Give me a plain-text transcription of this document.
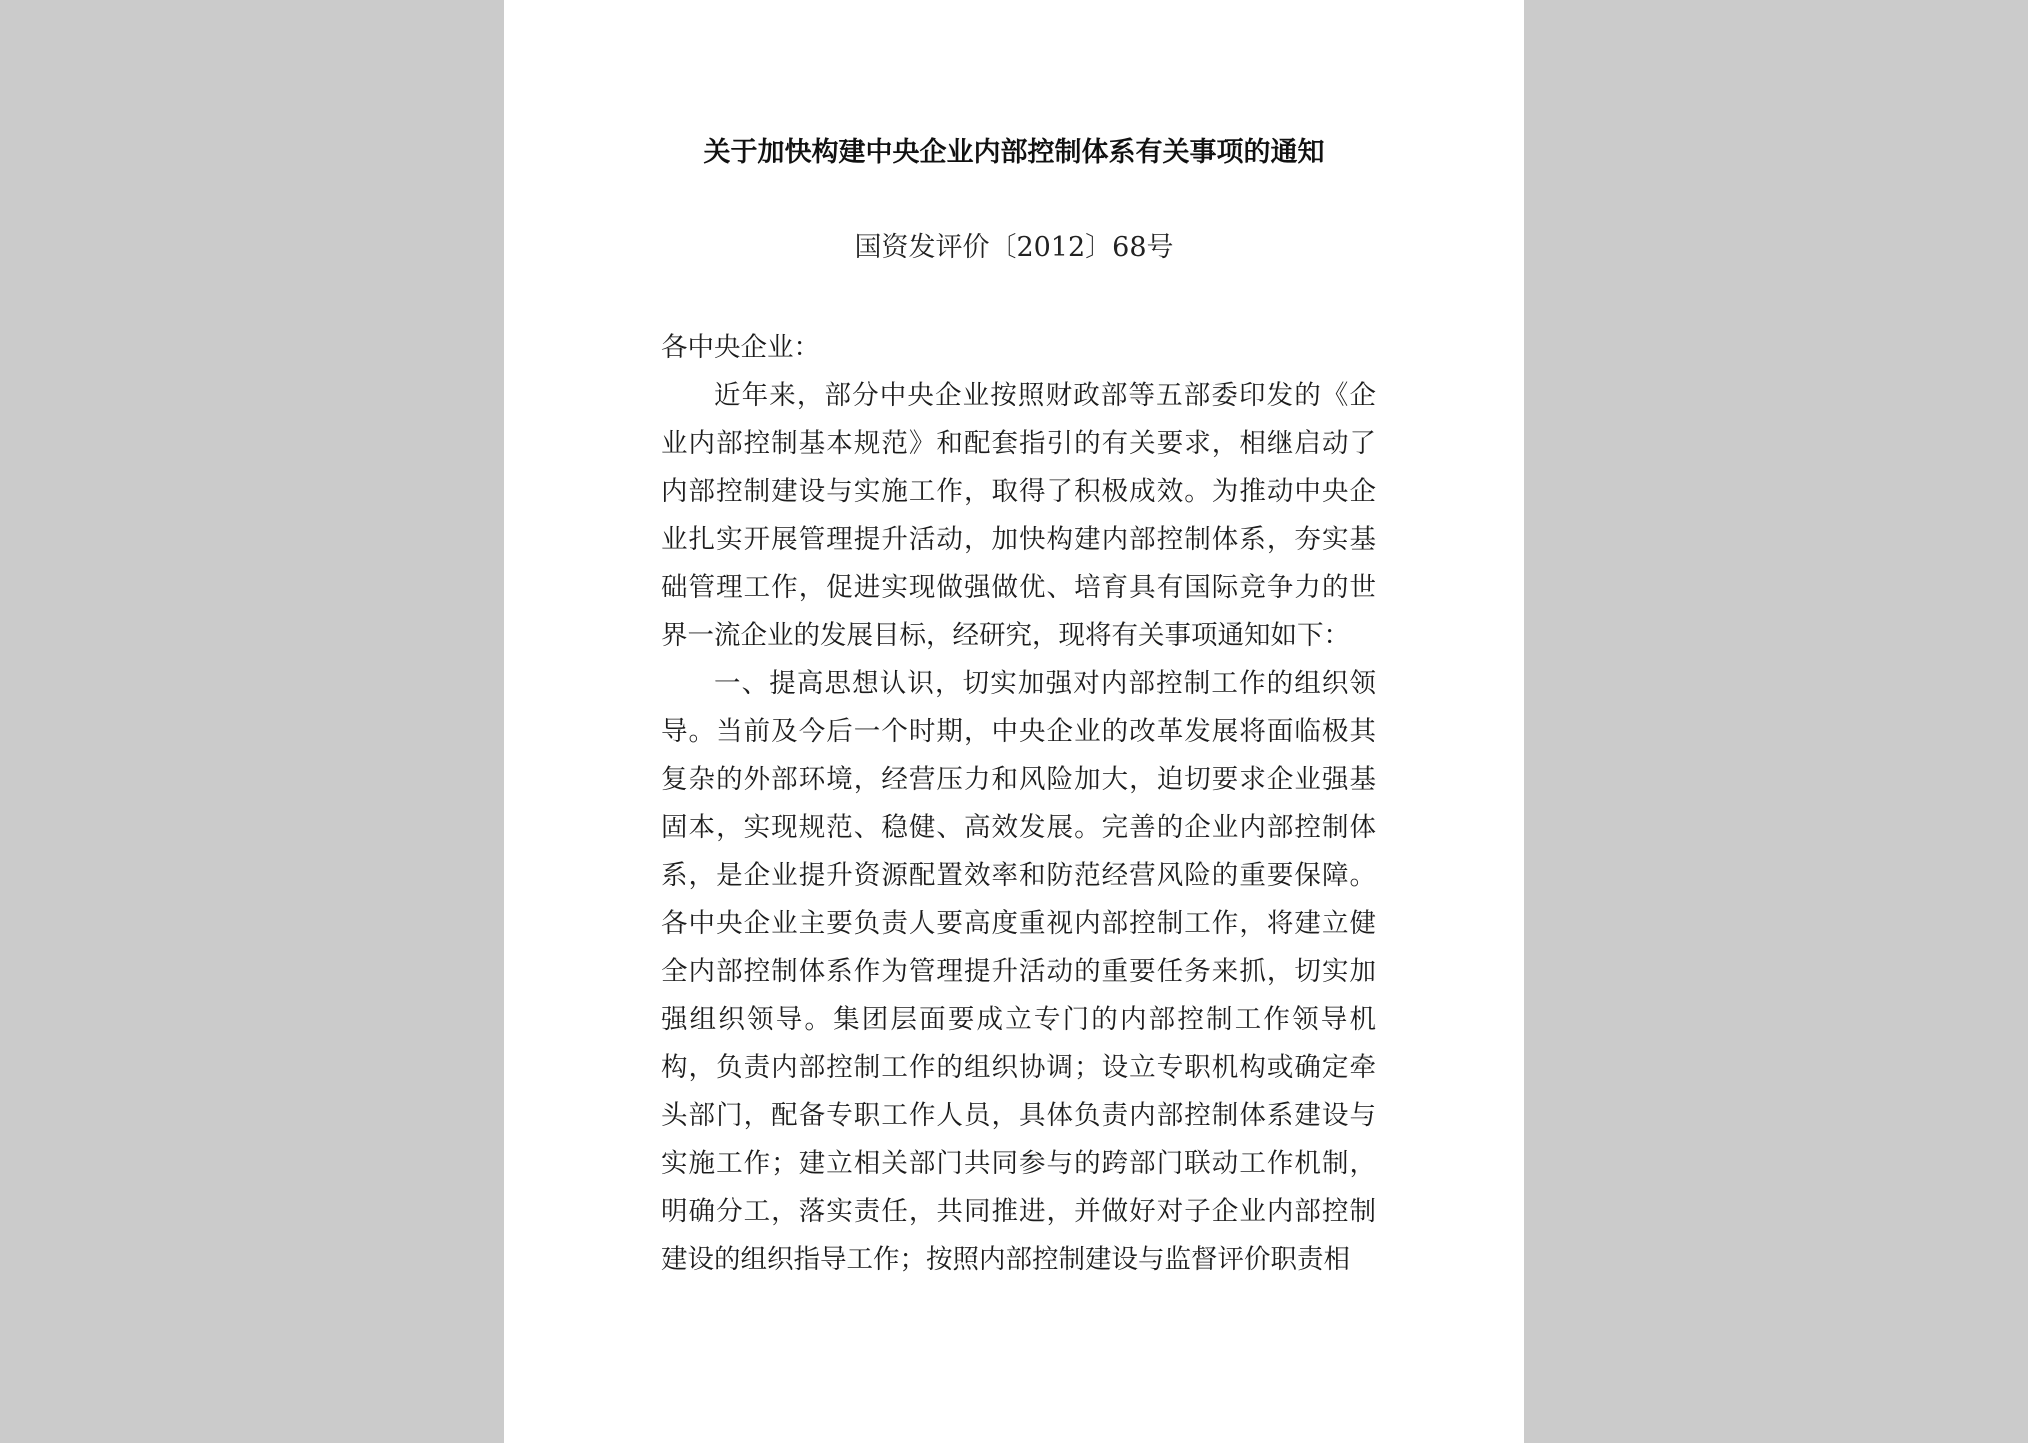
关于加快构建中央企业内部控制体系有关事项的通知

国资发评价〔2012〕68号

各中央企业：

近年来，部分中央企业按照财政部等五部委印发的《企业内部控制基本规范》和配套指引的有关要求，相继启动了内部控制建设与实施工作，取得了积极成效。为推动中央企业扎实开展管理提升活动，加快构建内部控制体系，夯实基础管理工作，促进实现做强做优、培育具有国际竞争力的世界一流企业的发展目标，经研究，现将有关事项通知如下：

一、提高思想认识，切实加强对内部控制工作的组织领导。当前及今后一个时期，中央企业的改革发展将面临极其复杂的外部环境，经营压力和风险加大，迫切要求企业强基固本，实现规范、稳健、高效发展。完善的企业内部控制体系，是企业提升资源配置效率和防范经营风险的重要保障。各中央企业主要负责人要高度重视内部控制工作，将建立健全内部控制体系作为管理提升活动的重要任务来抓，切实加强组织领导。集团层面要成立专门的内部控制工作领导机构，负责内部控制工作的组织协调；设立专职机构或确定牵头部门，配备专职工作人员，具体负责内部控制体系建设与实施工作；建立相关部门共同参与的跨部门联动工作机制，明确分工，落实责任，共同推进，并做好对子企业内部控制建设的组织指导工作；按照内部控制建设与监督评价职责相
